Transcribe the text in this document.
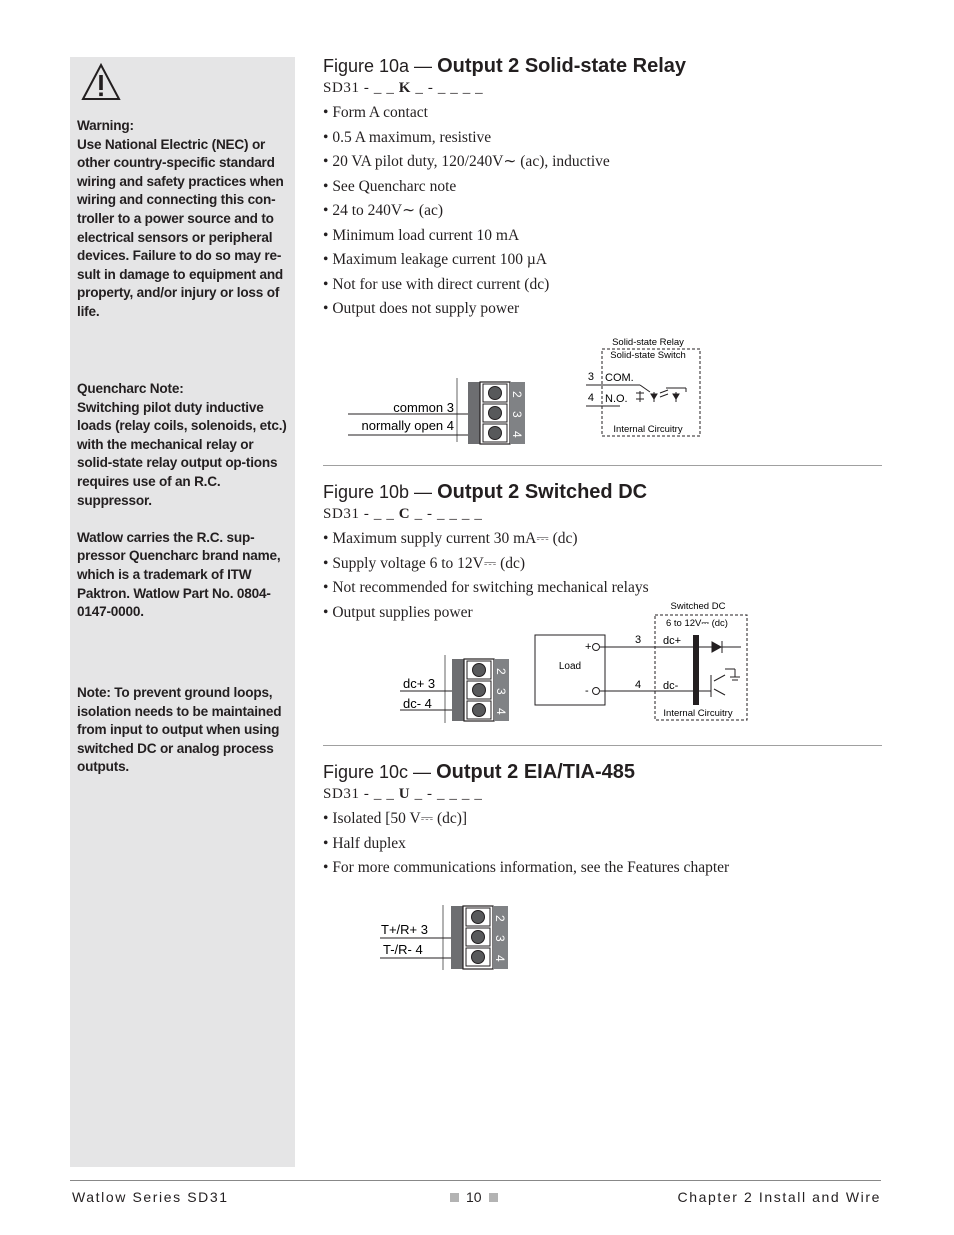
Warning:

Use National Electric (NEC) or other country-specific standard wiring and safety practices when wiring and connecting this con-troller to a power source and to electrical sensors or peripheral devices. Failure to do so may re-sult in damage to equipment and property, and/or injury or loss of life.

Quencharc Note:

Switching pilot duty inductive loads (relay coils, solenoids, etc.) with the mechanical relay or solid-state relay output op-tions requires use of an R.C. suppressor.

Watlow carries the R.C. sup-pressor Quencharc brand name, which is a trademark of ITW Paktron. Watlow Part No. 0804-0147-0000.

Note: To prevent ground loops, isolation needs to be maintained from input to output when using switched DC or analog process outputs.

Figure 10a — Output 2 Solid-state Relay
SD31 - _ _ K _ - _ _ _ _
• Form A contact
• 0.5 A maximum, resistive
• 20 VA pilot duty, 120/240V∼ (ac), inductive
• See Quencharc note
• 24 to 240V∼ (ac)
• Minimum load current 10 mA
• Maximum leakage current 100 µA
• Not for use with direct current (dc)
• Output does not supply power
common 3
normally open 4
2
3
4
Solid-state Relay
Solid-state Switch
3
4
COM.
N.O.
Internal Circuitry
Figure 10b — Output 2 Switched DC
SD31 - _ _ C _ - _ _ _ _
• Maximum supply current 30 mA⎓ (dc)
• Supply voltage 6 to 12V⎓ (dc)
• Not recommended for switching mechanical relays
• Output supplies power
dc+ 3
dc- 4
2
3
4
Load
+
-
3
4
Switched DC
6 to 12V⎓ (dc)
dc+
dc-
Internal Circuitry
Figure 10c — Output 2 EIA/TIA-485
SD31 - _ _ U _ - _ _ _ _
• Isolated [50 V⎓ (dc)]
• Half duplex
• For more communications information, see the Features chapter
T+/R+ 3
T-/R- 4
2
3
4
Watlow Series SD31	10	Chapter 2 Install and Wire
